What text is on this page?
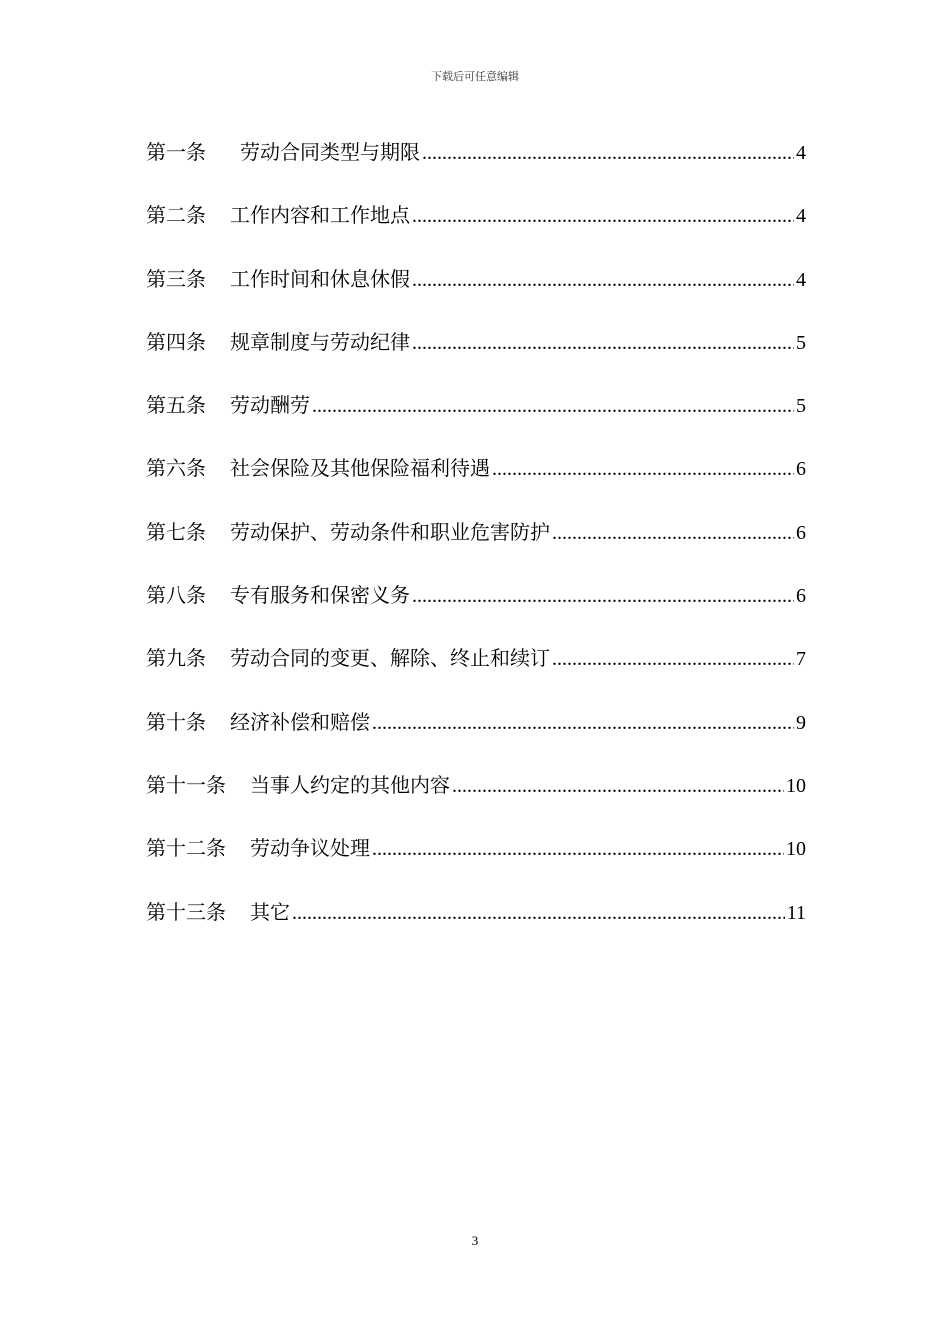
下载后可任意编辑
第一条	劳动合同类型与期限 .....	4
第二条	工作内容和工作地点 .....	4
第三条	工作时间和休息休假 .....	4
第四条	规章制度与劳动纪律 .....	5
第五条	劳动酬劳 .....	5
第六条	社会保险及其他保险福利待遇 .....	6
第七条	劳动保护、劳动条件和职业危害防护 .....	6
第八条	专有服务和保密义务 .....	6
第九条	劳动合同的变更、解除、终止和续订 .....	7
第十条	经济补偿和赔偿 .....	9
第十一条	当事人约定的其他内容 .....	10
第十二条	劳动争议处理 .....	10
第十三条	其它 .....	11
3
